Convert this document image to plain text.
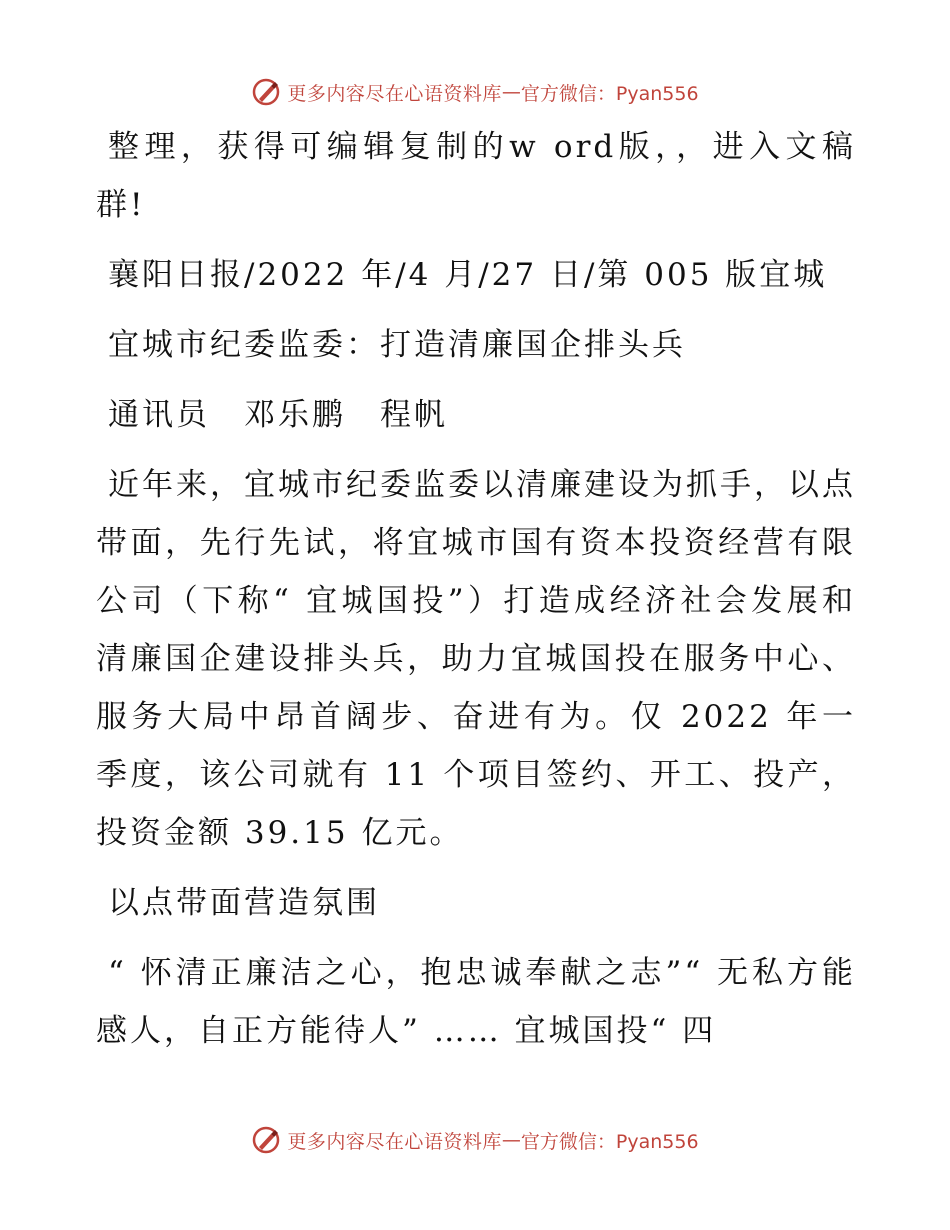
更多内容尽在心语资料库 — 官方微信：Pyan556

整理，获得可编辑复制的w ord版，，进入文稿群!

襄阳日报/2022 年/4 月/27 日/第 005 版宜城

宜城市纪委监委：打造清廉国企排头兵

通讯员　邓乐鹏　程帆

近年来，宜城市纪委监委以清廉建设为抓手，以点带面，先行先试，将宜城市国有资本投资经营有限公司（下称“ 宜城国投”）打造成经济社会发展和清廉国企建设排头兵，助力宜城国投在服务中心、服务大局中昂首阔步、奋进有为。仅 2022 年一季度，该公司就有 11 个项目签约、开工、投产，投资金额 39.15 亿元。

以点带面营造氛围

“ 怀清正廉洁之心，抱忠诚奉献之志”“ 无私方能感人，自正方能待人” …… 宜城国投“ 四

更多内容尽在心语资料库 — 官方微信：Pyan556
